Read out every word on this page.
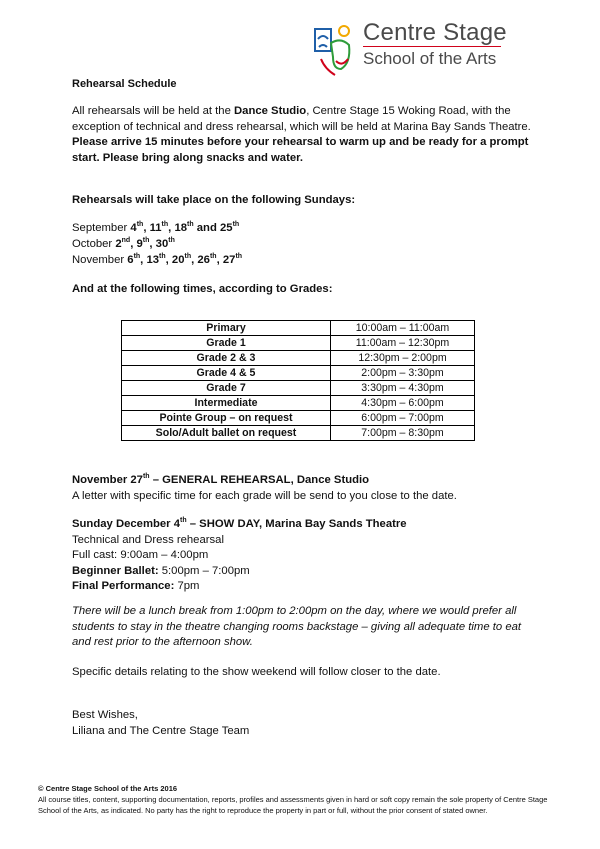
Centre Stage
School of the Arts
Rehearsal Schedule
All rehearsals will be held at the Dance Studio, Centre Stage 15 Woking Road, with the exception of technical and dress rehearsal, which will be held at Marina Bay Sands Theatre. Please arrive 15 minutes before your rehearsal to warm up and be ready for a prompt start. Please bring along snacks and water.
Rehearsals will take place on the following Sundays:
September 4th, 11th, 18th and 25th
October 2nd, 9th, 30th
November 6th, 13th, 20th, 26th, 27th
And at the following times, according to Grades:
Primary	10:00am – 11:00am
Grade 1	11:00am – 12:30pm
Grade 2 & 3	12:30pm – 2:00pm
Grade 4 & 5	2:00pm – 3:30pm
Grade 7	3:30pm – 4:30pm
Intermediate	4:30pm – 6:00pm
Pointe Group – on request	6:00pm – 7:00pm
Solo/Adult ballet on request	7:00pm – 8:30pm
November 27th – GENERAL REHEARSAL, Dance Studio
A letter with specific time for each grade will be send to you close to the date.
Sunday December 4th – SHOW DAY, Marina Bay Sands Theatre
Technical and Dress rehearsal
Full cast: 9:00am – 4:00pm
Beginner Ballet: 5:00pm – 7:00pm
Final Performance: 7pm
There will be a lunch break from 1:00pm to 2:00pm on the day, where we would prefer all students to stay in the theatre changing rooms backstage – giving all adequate time to eat and rest prior to the afternoon show.
Specific details relating to the show weekend will follow closer to the date.
Best Wishes,
Liliana and The Centre Stage Team
© Centre Stage School of the Arts 2016
All course titles, content, supporting documentation, reports, profiles and assessments given in hard or soft copy remain the sole property of Centre Stage School of the Arts, as indicated. No party has the right to reproduce the property in part or full, without the prior consent of stated owner.
